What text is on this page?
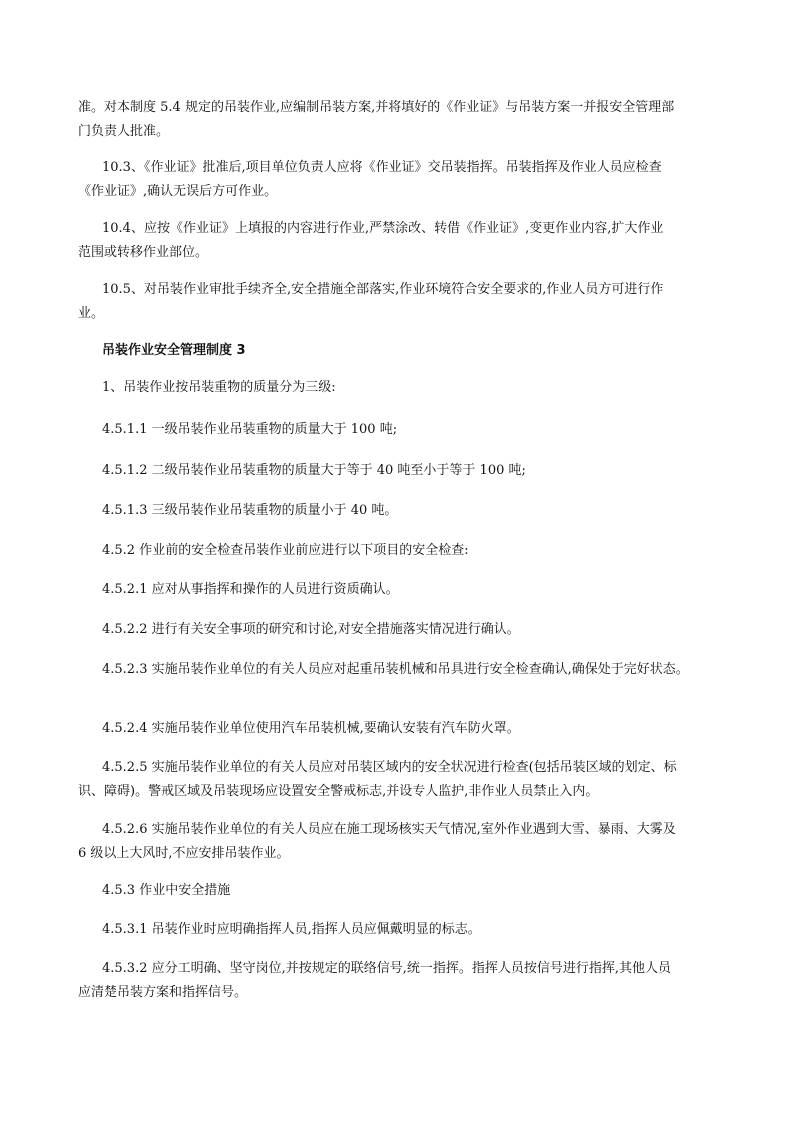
准。对本制度 5.4 规定的吊装作业,应编制吊装方案,并将填好的《作业证》与吊装方案一并报安全管理部
门负责人批准。
10.3、《作业证》批准后,项目单位负责人应将《作业证》交吊装指挥。吊装指挥及作业人员应检查
《作业证》,确认无误后方可作业。
10.4、应按《作业证》上填报的内容进行作业,严禁涂改、转借《作业证》,变更作业内容,扩大作业
范围或转移作业部位。
10.5、对吊装作业审批手续齐全,安全措施全部落实,作业环境符合安全要求的,作业人员方可进行作
业。
吊装作业安全管理制度 3
1、吊装作业按吊装重物的质量分为三级:
4.5.1.1 一级吊装作业吊装重物的质量大于 100 吨;
4.5.1.2 二级吊装作业吊装重物的质量大于等于 40 吨至小于等于 100 吨;
4.5.1.3 三级吊装作业吊装重物的质量小于 40 吨。
4.5.2 作业前的安全检查吊装作业前应进行以下项目的安全检查:
4.5.2.1 应对从事指挥和操作的人员进行资质确认。
4.5.2.2 进行有关安全事项的研究和讨论,对安全措施落实情况进行确认。
4.5.2.3 实施吊装作业单位的有关人员应对起重吊装机械和吊具进行安全检查确认,确保处于完好状态。
4.5.2.4 实施吊装作业单位使用汽车吊装机械,要确认安装有汽车防火罩。
4.5.2.5 实施吊装作业单位的有关人员应对吊装区域内的安全状况进行检查(包括吊装区域的划定、标
识、障碍)。警戒区域及吊装现场应设置安全警戒标志,并设专人监护,非作业人员禁止入内。
4.5.2.6 实施吊装作业单位的有关人员应在施工现场核实天气情况,室外作业遇到大雪、暴雨、大雾及
6 级以上大风时,不应安排吊装作业。
4.5.3 作业中安全措施
4.5.3.1 吊装作业时应明确指挥人员,指挥人员应佩戴明显的标志。
4.5.3.2 应分工明确、坚守岗位,并按规定的联络信号,统一指挥。指挥人员按信号进行指挥,其他人员
应清楚吊装方案和指挥信号。
